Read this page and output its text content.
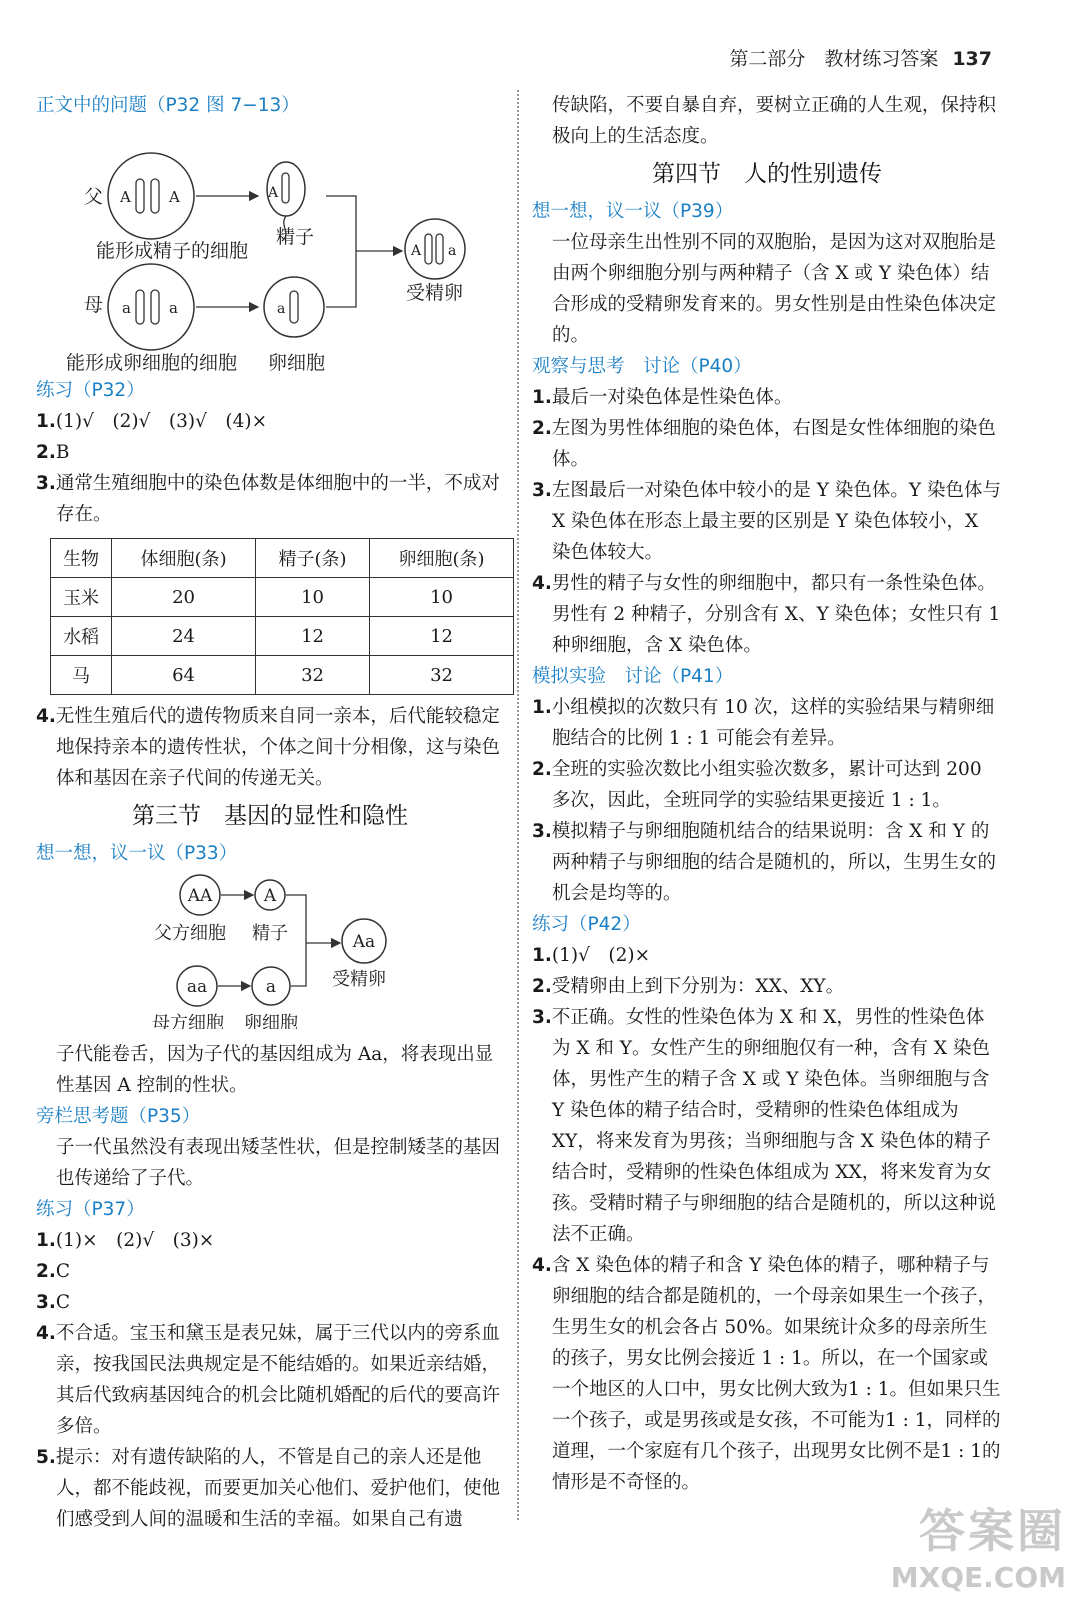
第二部分　教材练习答案 137
正文中的问题（P32 图 7−13）
父
母
A	A
能形成精子的细胞
a	a
能形成卵细胞的细胞
A
精子
a
卵细胞
A a
受精卵
练习（P32）
1.(1)√　(2)√　(3)√　(4)×
2.B
3.通常生殖细胞中的染色体数是体细胞中的一半，不成对存在。
生物	体细胞(条)	精子(条)	卵细胞(条)
玉米	20	10	10
水稻	24	12	12
马	64	32	32
4.无性生殖后代的遗传物质来自同一亲本，后代能较稳定地保持亲本的遗传性状，个体之间十分相像，这与染色体和基因在亲子代间的传递无关。
第三节　基因的显性和隐性
想一想，议一议（P33）
AA	A
父方细胞 精子
aa	a
母方细胞 卵细胞
Aa
受精卵
子代能卷舌，因为子代的基因组成为 Aa，将表现出显性基因 A 控制的性状。
旁栏思考题（P35）
子一代虽然没有表现出矮茎性状，但是控制矮茎的基因也传递给了子代。
练习（P37）
1.(1)×　(2)√　(3)×
2.C
3.C
4.不合适。宝玉和黛玉是表兄妹，属于三代以内的旁系血亲，按我国民法典规定是不能结婚的。如果近亲结婚，其后代致病基因纯合的机会比随机婚配的后代的要高许多倍。
5.提示：对有遗传缺陷的人，不管是自己的亲人还是他人，都不能歧视，而要更加关心他们、爱护他们，使他们感受到人间的温暖和生活的幸福。如果自己有遗
传缺陷，不要自暴自弃，要树立正确的人生观，保持积极向上的生活态度。
第四节　人的性别遗传
想一想，议一议（P39）
一位母亲生出性别不同的双胞胎，是因为这对双胞胎是由两个卵细胞分别与两种精子（含 X 或 Y 染色体）结合形成的受精卵发育来的。男女性别是由性染色体决定的。
观察与思考　讨论（P40）
1.最后一对染色体是性染色体。
2.左图为男性体细胞的染色体，右图是女性体细胞的染色体。
3.左图最后一对染色体中较小的是 Y 染色体。Y 染色体与 X 染色体在形态上最主要的区别是 Y 染色体较小，X 染色体较大。
4.男性的精子与女性的卵细胞中，都只有一条性染色体。男性有 2 种精子，分别含有 X、Y 染色体；女性只有 1 种卵细胞，含 X 染色体。
模拟实验　讨论（P41）
1.小组模拟的次数只有 10 次，这样的实验结果与精卵细胞结合的比例 1 : 1 可能会有差异。
2.全班的实验次数比小组实验次数多，累计可达到 200 多次，因此，全班同学的实验结果更接近 1 : 1。
3.模拟精子与卵细胞随机结合的结果说明：含 X 和 Y 的两种精子与卵细胞的结合是随机的，所以，生男生女的机会是均等的。
练习（P42）
1.(1)√　(2)×
2.受精卵由上到下分别为：XX、XY。
3.不正确。女性的性染色体为 X 和 X，男性的性染色体为 X 和 Y。女性产生的卵细胞仅有一种，含有 X 染色体，男性产生的精子含 X 或 Y 染色体。当卵细胞与含 Y 染色体的精子结合时，受精卵的性染色体组成为 XY，将来发育为男孩；当卵细胞与含 X 染色体的精子结合时，受精卵的性染色体组成为 XX，将来发育为女孩。受精时精子与卵细胞的结合是随机的，所以这种说法不正确。
4.含 X 染色体的精子和含 Y 染色体的精子，哪种精子与卵细胞的结合都是随机的，一个母亲如果生一个孩子，生男生女的机会各占 50%。如果统计众多的母亲所生的孩子，男女比例会接近 1 : 1。所以，在一个国家或一个地区的人口中，男女比例大致为1 : 1。但如果只生一个孩子，或是男孩或是女孩，不可能为1 : 1，同样的道理，一个家庭有几个孩子，出现男女比例不是1 : 1的情形是不奇怪的。
答案圈
MXQE.COM
